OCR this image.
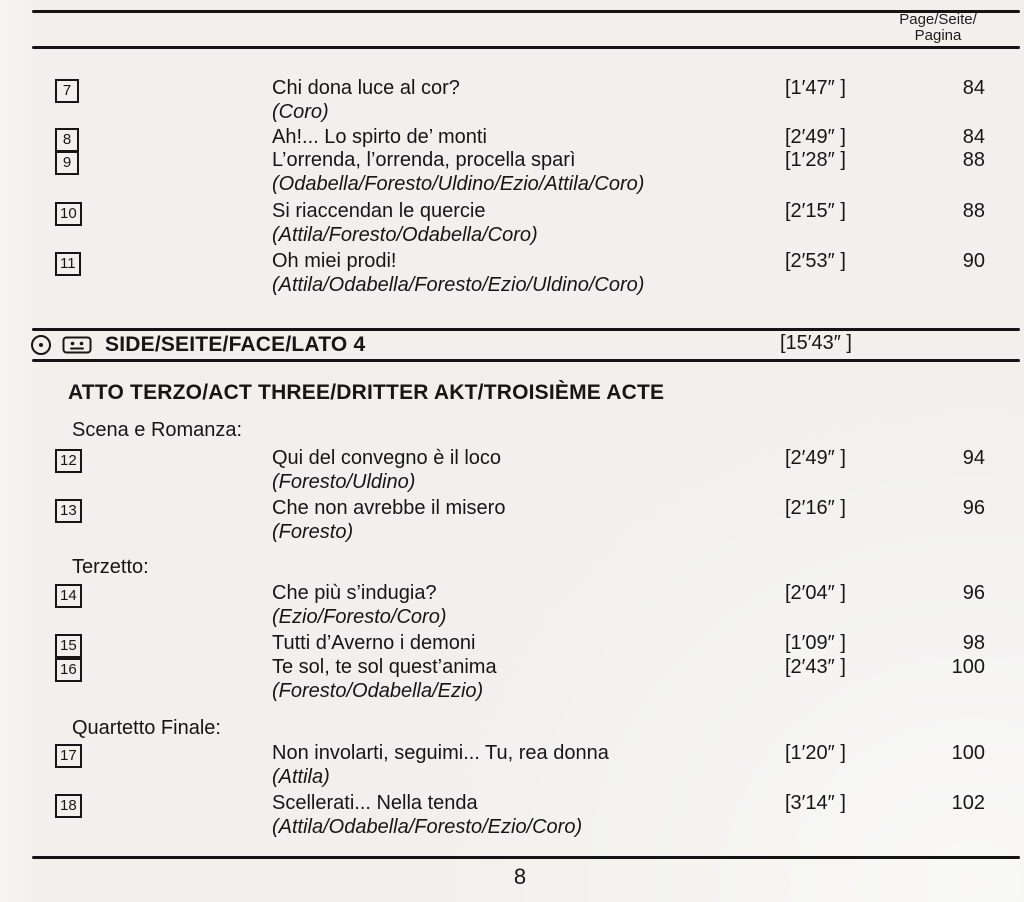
Page/Seite/
Pagina
7	Chi dona luce al cor?
(Coro)
[1′47″ ]	84
8	Ah!... Lo spirto de’ monti	[2′49″ ]	84
9	L’orrenda, l’orrenda, procella sparì
(Odabella/Foresto/Uldino/Ezio/Attila/Coro)
[1′28″ ]	88
10	Si riaccendan le quercie
(Attila/Foresto/Odabella/Coro)
[2′15″ ]	88
11	Oh miei prodi!
(Attila/Odabella/Foresto/Ezio/Uldino/Coro)
[2′53″ ]	90
SIDE/SEITE/FACE/LATO 4	[15′43″ ]
ATTO TERZO/ACT THREE/DRITTER AKT/TROISIÈME ACTE
Scena e Romanza:
12	Qui del convegno è il loco
(Foresto/Uldino)
[2′49″ ]	94
13	Che non avrebbe il misero
(Foresto)
[2′16″ ]	96
Terzetto:
14	Che più s’indugia?
(Ezio/Foresto/Coro)
[2′04″ ]	96
15	Tutti d’Averno i demoni	[1′09″ ]	98
16	Te sol, te sol quest’anima
(Foresto/Odabella/Ezio)
[2′43″ ]	100
Quartetto Finale:
17	Non involarti, seguimi... Tu, rea donna
(Attila)
[1′20″ ]	100
18	Scellerati... Nella tenda
(Attila/Odabella/Foresto/Ezio/Coro)
[3′14″ ]	102
8
